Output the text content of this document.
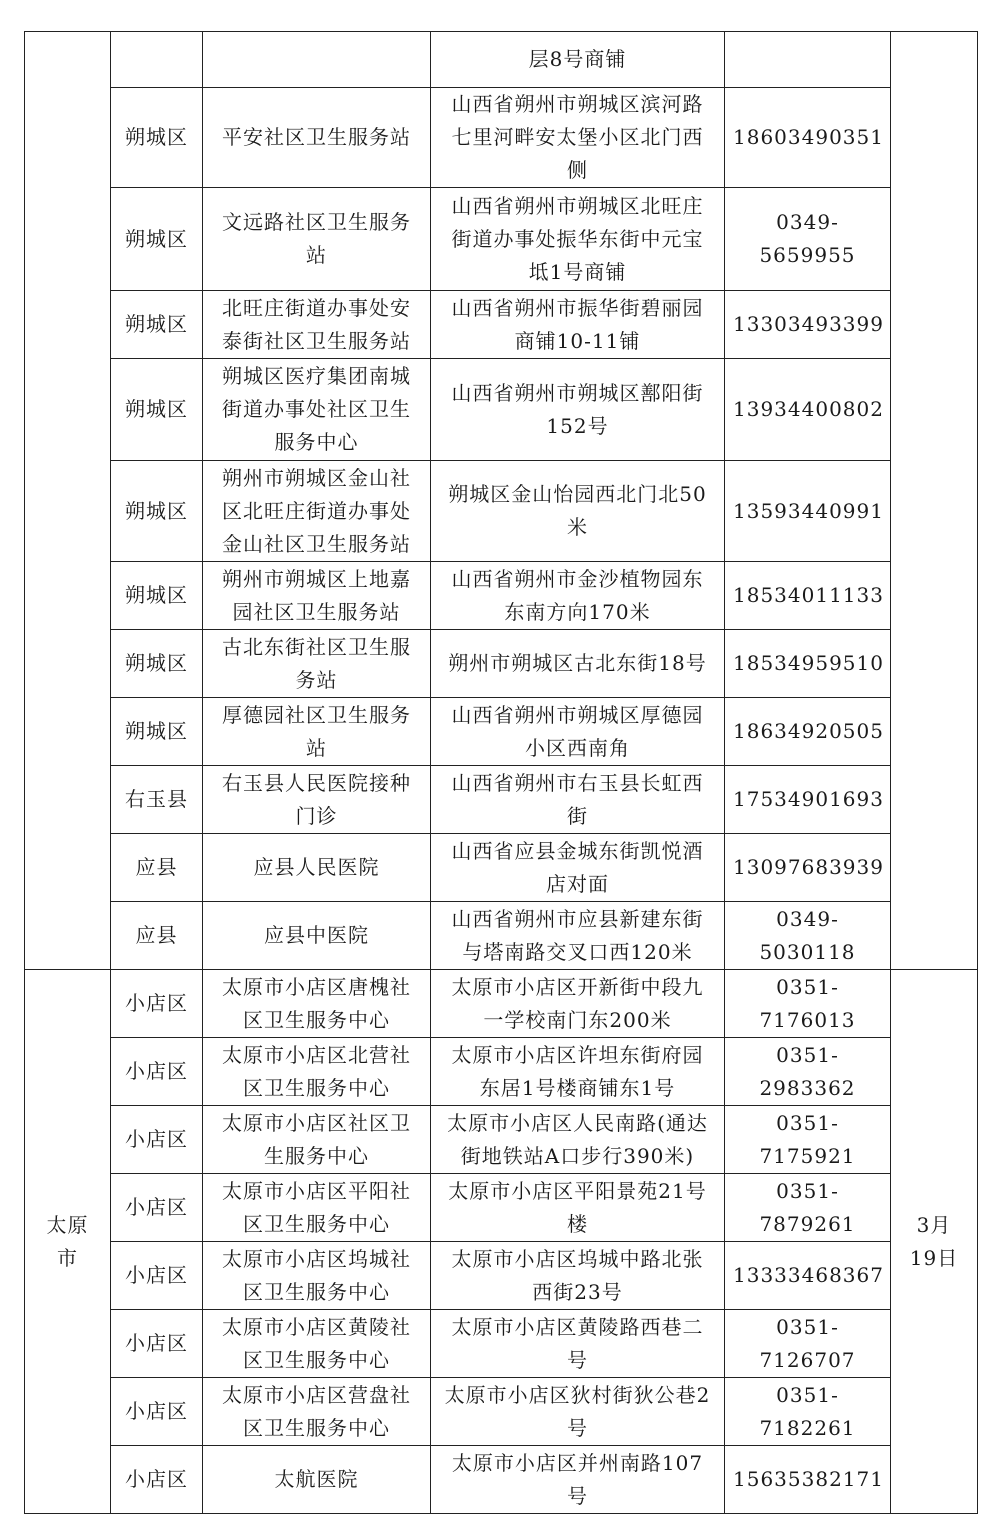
			层8号商铺		

	朔城区	平安社区卫生服务站	山西省朔州市朔城区滨河路
七里河畔安太堡小区北门西
侧	18603490351	
	朔城区	文远路社区卫生服务
站	山西省朔州市朔城区北旺庄
街道办事处振华东街中元宝
坻1号商铺	0349-5659955	
	朔城区	北旺庄街道办事处安
泰街社区卫生服务站	山西省朔州市振华街碧丽园
商铺10-11铺	13303493399	
	朔城区	朔城区医疗集团南城
街道办事处社区卫生
服务中心	山西省朔州市朔城区鄯阳街
152号	13934400802	
	朔城区	朔州市朔城区金山社
区北旺庄街道办事处
金山社区卫生服务站	朔城区金山怡园西北门北50
米	13593440991	
	朔城区	朔州市朔城区上地嘉
园社区卫生服务站	山西省朔州市金沙植物园东
东南方向170米	18534011133	
	朔城区	古北东街社区卫生服
务站	朔州市朔城区古北东街18号	18534959510	
	朔城区	厚德园社区卫生服务
站	山西省朔州市朔城区厚德园
小区西南角	18634920505	
	右玉县	右玉县人民医院接种
门诊	山西省朔州市右玉县长虹西
街	17534901693	
	应县	应县人民医院	山西省应县金城东街凯悦酒
店对面	13097683939	
	应县	应县中医院	山西省朔州市应县新建东街
与塔南路交叉口西120米	0349-5030118	

太原
市	小店区	太原市小店区唐槐社
区卫生服务中心	太原市小店区开新街中段九
一学校南门东200米	0351-7176013	3月
19日

	小店区	太原市小店区北营社
区卫生服务中心	太原市小店区许坦东街府园
东居1号楼商铺东1号	0351-2983362	
	小店区	太原市小店区社区卫
生服务中心	太原市小店区人民南路(通达
街地铁站A口步行390米)	0351-7175921	
	小店区	太原市小店区平阳社
区卫生服务中心	太原市小店区平阳景苑21号
楼	0351-7879261	
	小店区	太原市小店区坞城社
区卫生服务中心	太原市小店区坞城中路北张
西街23号	13333468367	
	小店区	太原市小店区黄陵社
区卫生服务中心	太原市小店区黄陵路西巷二
号	0351-7126707	
	小店区	太原市小店区营盘社
区卫生服务中心	太原市小店区狄村街狄公巷2
号	0351-7182261	
	小店区	太航医院	太原市小店区并州南路107
号	15635382171	
